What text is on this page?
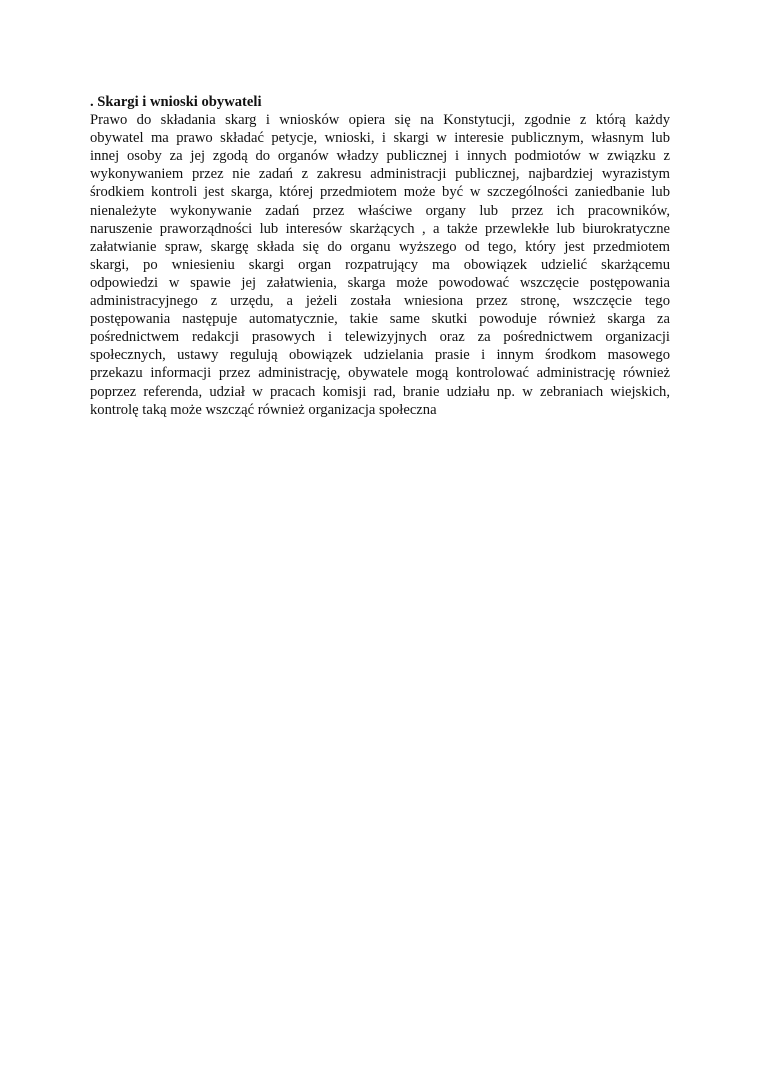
. Skargi i wnioski obywateli
Prawo do składania skarg i wniosków opiera się na Konstytucji, zgodnie z którą każdy
obywatel ma prawo składać petycje, wnioski, i skargi w interesie publicznym, własnym lub
innej osoby za jej zgodą do organów władzy publicznej i innych podmiotów w związku z
wykonywaniem przez nie zadań z zakresu administracji publicznej, najbardziej wyrazistym
środkiem kontroli jest skarga, której przedmiotem może być w szczególności zaniedbanie lub
nienależyte wykonywanie zadań przez właściwe organy lub przez ich pracowników,
naruszenie praworządności lub interesów skarżących , a także przewlekłe lub biurokratyczne
załatwianie spraw, skargę składa się do organu wyższego od tego, który jest przedmiotem
skargi, po wniesieniu skargi organ rozpatrujący ma obowiązek udzielić skarżącemu
odpowiedzi w spawie jej załatwienia, skarga może powodować wszczęcie postępowania
administracyjnego z urzędu, a jeżeli została wniesiona przez stronę, wszczęcie tego
postępowania następuje automatycznie, takie same skutki powoduje również skarga za
pośrednictwem redakcji prasowych i telewizyjnych oraz za pośrednictwem organizacji
społecznych, ustawy regulują obowiązek udzielania prasie i innym środkom masowego
przekazu informacji przez administrację, obywatele mogą kontrolować administrację również
poprzez referenda, udział w pracach komisji rad, branie udziału np. w zebraniach wiejskich,
kontrolę taką może wszcząć również organizacja społeczna
